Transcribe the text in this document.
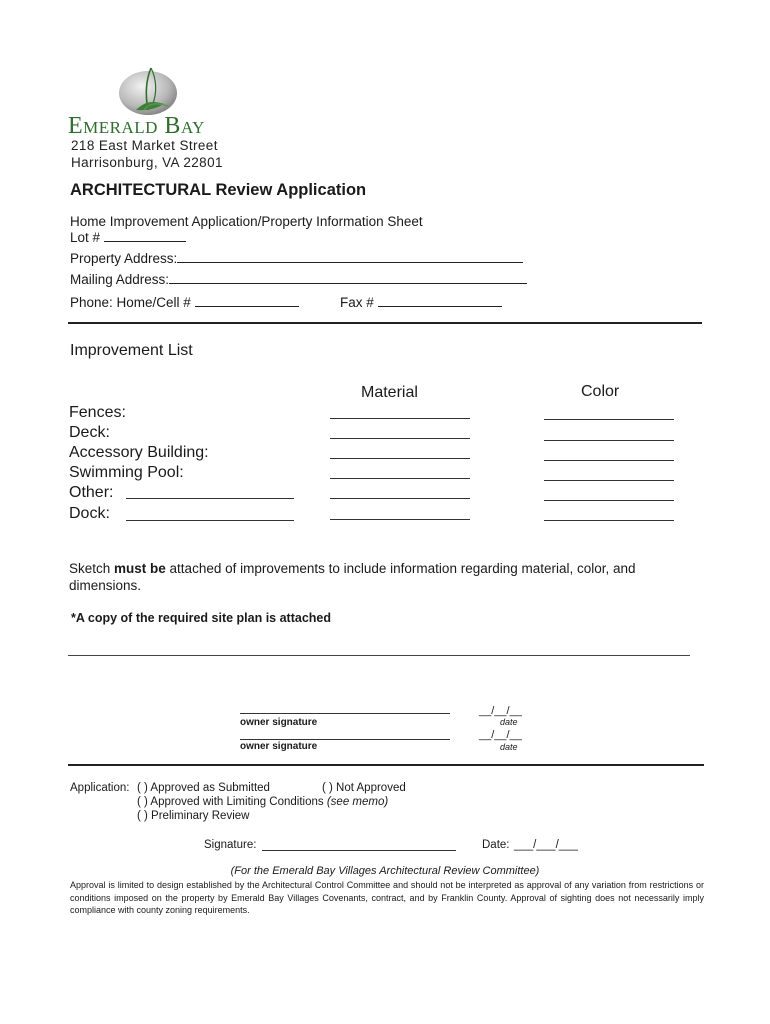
Emerald Bay
218 East Market Street
Harrisonburg, VA 22801
ARCHITECTURAL Review Application
Home Improvement Application/Property Information Sheet
Lot #
Property Address:
Mailing Address:
Phone: Home/Cell #	Fax #
Improvement List
Material	Color
Fences:
Deck:
Accessory Building:
Swimming Pool:
Other:
Dock:
Sketch must be attached of improvements to include information regarding material, color, and dimensions.
*A copy of the required site plan is attached
owner signature
__/__/__
date
owner signature
__/__/__
date
Application: ( ) Approved as Submitted	( ) Not Approved
( ) Approved with Limiting Conditions (see memo)
( ) Preliminary Review
Signature:	Date: ___/___/___
(For the Emerald Bay Villages Architectural Review Committee)
Approval is limited to design established by the Architectural Control Committee and should not be interpreted as approval of any variation from restrictions or conditions imposed on the property by Emerald Bay Villages Covenants, contract, and by Franklin County. Approval of sighting does not necessarily imply compliance with county zoning requirements.
